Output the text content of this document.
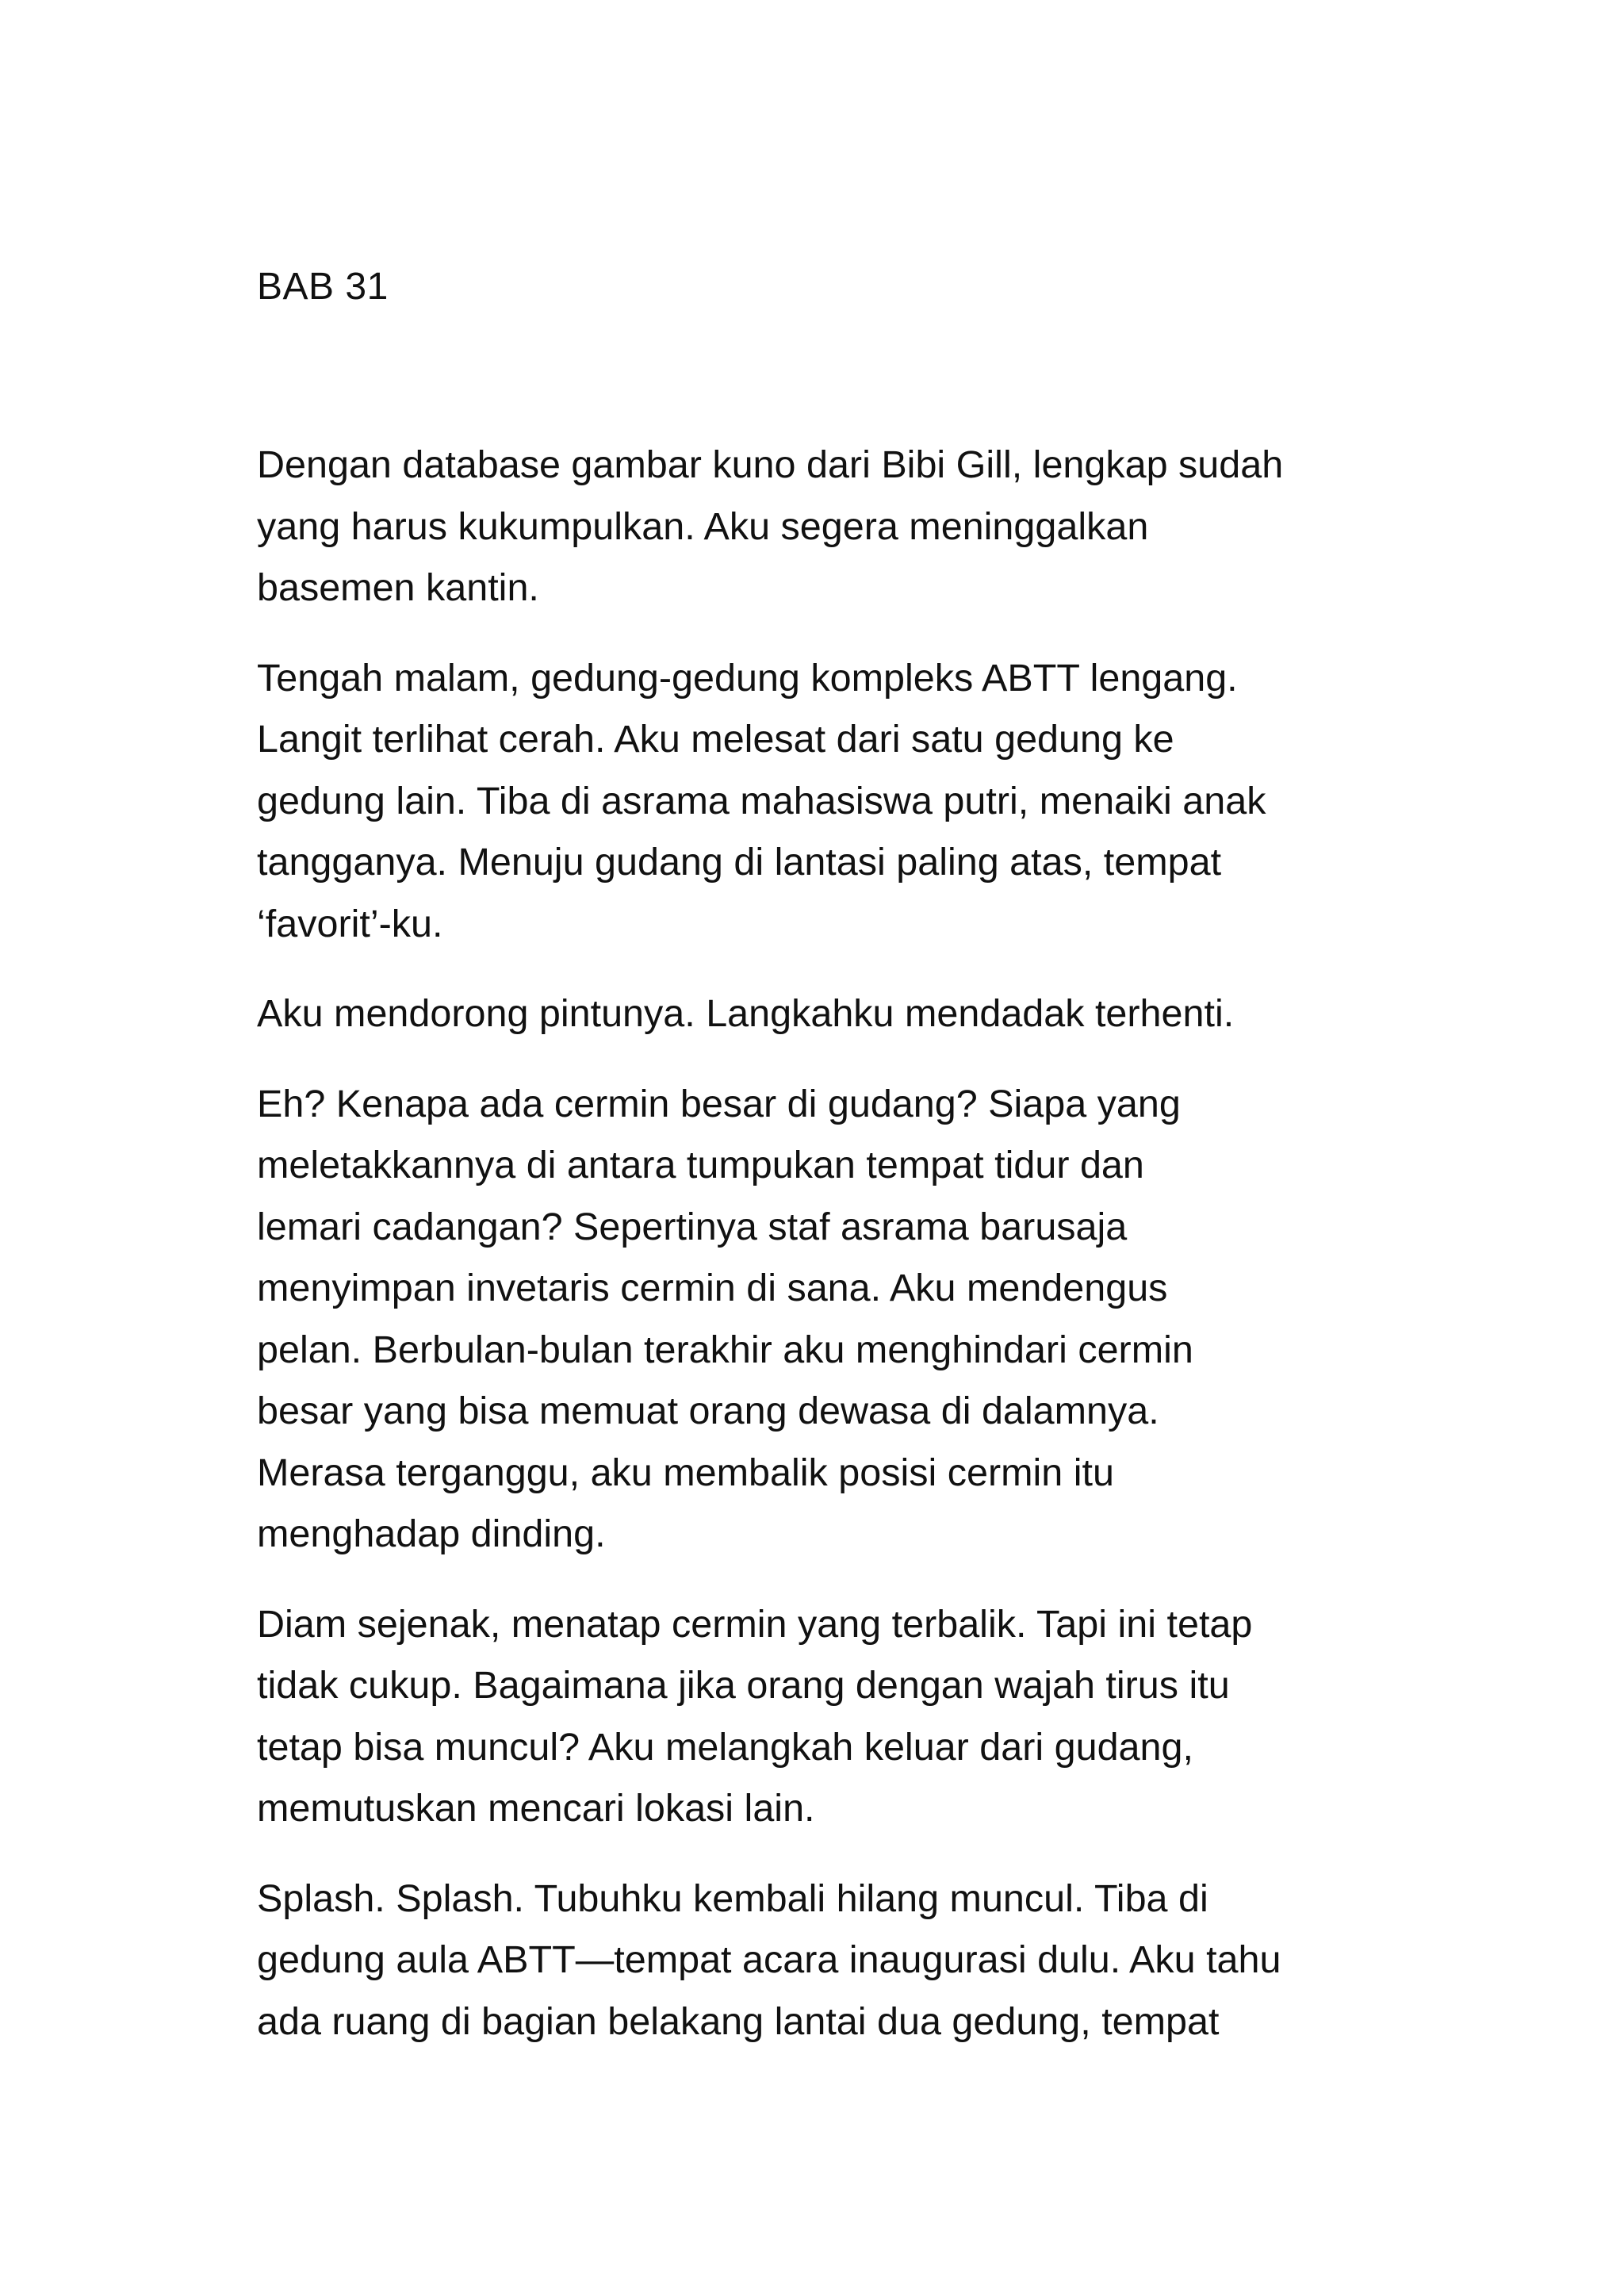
BAB 31

Dengan database gambar kuno dari Bibi Gill, lengkap sudah
yang harus kukumpulkan. Aku segera meninggalkan
basemen kantin.

Tengah malam, gedung-gedung kompleks ABTT lengang.
Langit terlihat cerah. Aku melesat dari satu gedung ke
gedung lain. Tiba di asrama mahasiswa putri, menaiki anak
tangganya. Menuju gudang di lantasi paling atas, tempat
‘favorit’-ku.

Aku mendorong pintunya. Langkahku mendadak terhenti.

Eh? Kenapa ada cermin besar di gudang? Siapa yang
meletakkannya di antara tumpukan tempat tidur dan
lemari cadangan? Sepertinya staf asrama barusaja
menyimpan invetaris cermin di sana. Aku mendengus
pelan. Berbulan-bulan terakhir aku menghindari cermin
besar yang bisa memuat orang dewasa di dalamnya.
Merasa terganggu, aku membalik posisi cermin itu
menghadap dinding.

Diam sejenak, menatap cermin yang terbalik. Tapi ini tetap
tidak cukup. Bagaimana jika orang dengan wajah tirus itu
tetap bisa muncul? Aku melangkah keluar dari gudang,
memutuskan mencari lokasi lain.

Splash. Splash. Tubuhku kembali hilang muncul. Tiba di
gedung aula ABTT—tempat acara inaugurasi dulu. Aku tahu
ada ruang di bagian belakang lantai dua gedung, tempat
